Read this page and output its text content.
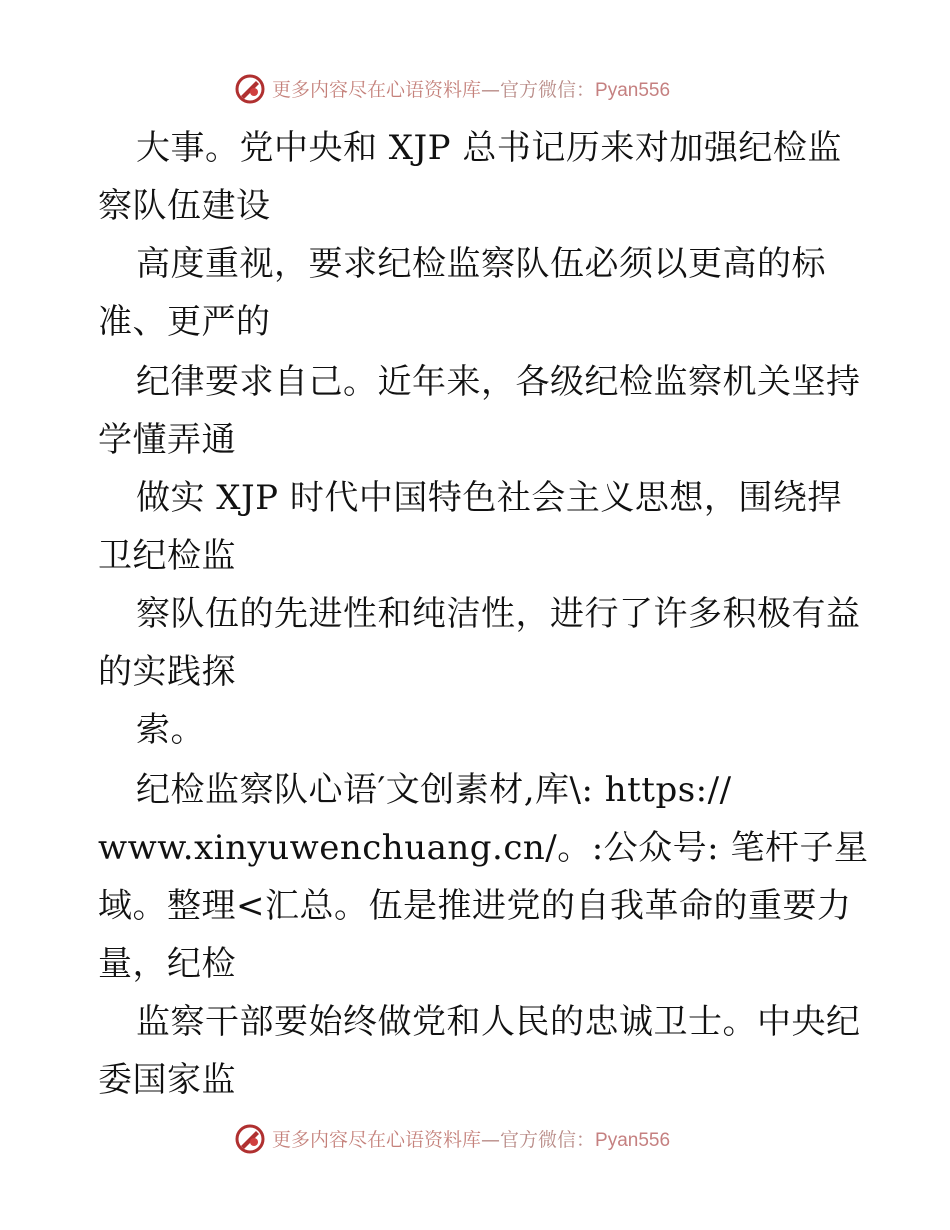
更多内容尽在心语资料库—官方微信：Pyan556
大事。党中央和 XJP 总书记历来对加强纪检监
察队伍建设
高度重视，要求纪检监察队伍必须以更高的标
准、更严的
纪律要求自己。近年来，各级纪检监察机关坚持
学懂弄通
做实 XJP 时代中国特色社会主义思想，围绕捍
卫纪检监
察队伍的先进性和纯洁性，进行了许多积极有益
的实践探
索。
纪检监察队心语′文创素材,库\: https://
www.xinyuwenchuang.cn/。:公众号: 笔杆子星
域。整理<汇总。伍是推进党的自我革命的重要力
量，纪检
监察干部要始终做党和人民的忠诚卫士。中央纪
委国家监
更多内容尽在心语资料库—官方微信：Pyan556
